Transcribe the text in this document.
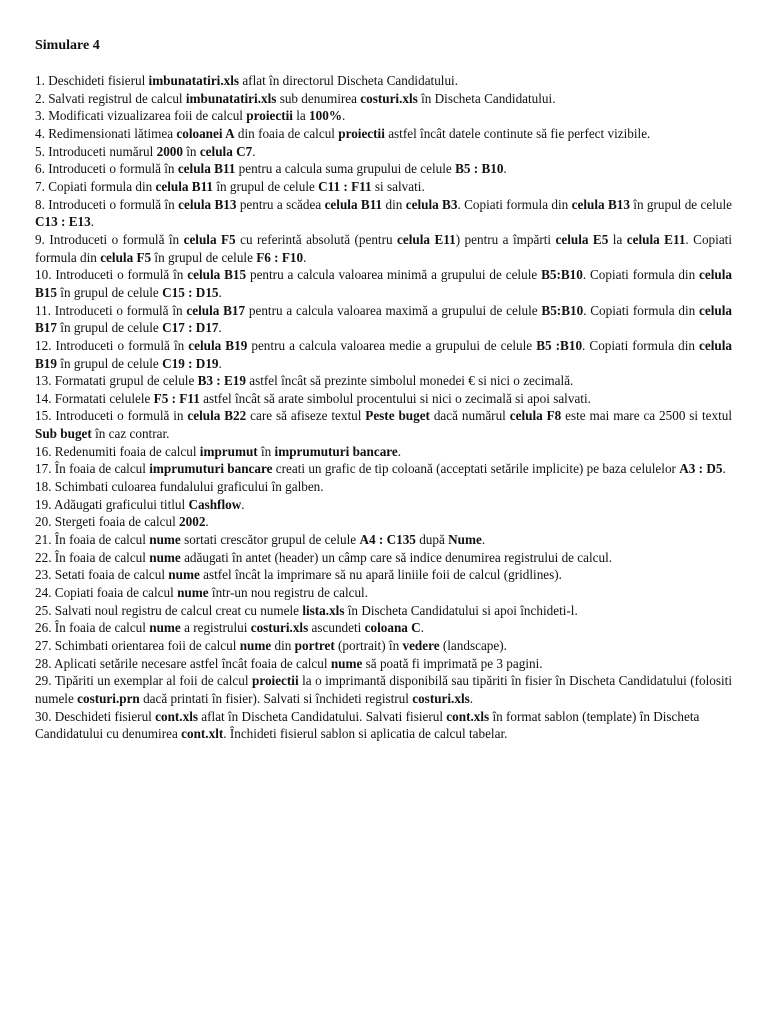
Simulare 4

1. Deschideti fisierul imbunatatiri.xls aflat în directorul Discheta Candidatului.

2. Salvati registrul de calcul imbunatatiri.xls sub denumirea costuri.xls în Discheta Candidatului.

3. Modificati vizualizarea foii de calcul proiectii la 100%.

4. Redimensionati lătimea coloanei A din foaia de calcul proiectii astfel încât datele continute să fie perfect vizibile.

5. Introduceti numărul 2000 în celula C7.

6. Introduceti o formulă în celula B11 pentru a calcula suma grupului de celule B5 : B10.

7. Copiati formula din celula B11 în grupul de celule C11 : F11 si salvati.

8. Introduceti o formulă în celula B13 pentru a scădea celula B11 din celula B3. Copiati formula din celula B13 în grupul de celule C13 : E13.

9. Introduceti o formulă în celula F5 cu referintă absolută (pentru celula E11) pentru a împărti celula E5 la celula E11. Copiati formula din celula F5 în grupul de celule F6 : F10.

10. Introduceti o formulă în celula B15 pentru a calcula valoarea minimă a grupului de celule B5:B10. Copiati formula din celula B15 în grupul de celule C15 : D15.

11. Introduceti o formulă în celula B17 pentru a calcula valoarea maximă a grupului de celule B5:B10. Copiati formula din celula B17 în grupul de celule C17 : D17.

12. Introduceti o formulă în celula B19 pentru a calcula valoarea medie a grupului de celule B5 :B10. Copiati formula din celula B19 în grupul de celule C19 : D19.

13. Formatati grupul de celule B3 : E19 astfel încât să prezinte simbolul monedei € si nici o zecimală.

14. Formatati celulele F5 : F11 astfel încât să arate simbolul procentului si nici o zecimală si apoi salvati.

15. Introduceti o formulă in celula B22 care să afiseze textul Peste buget dacă numărul celula F8 este mai mare ca 2500 si textul Sub buget în caz contrar.

16. Redenumiti foaia de calcul imprumut în imprumuturi bancare.

17. În foaia de calcul imprumuturi bancare creati un grafic de tip coloană (acceptati setările implicite) pe baza celulelor A3 : D5.

18. Schimbati culoarea fundalului graficului în galben.

19. Adăugati graficului titlul Cashflow.

20. Stergeti foaia de calcul 2002.

21. În foaia de calcul nume sortati crescător grupul de celule A4 : C135 după Nume.

22. În foaia de calcul nume adăugati în antet (header) un câmp care să indice denumirea registrului de calcul.

23. Setati foaia de calcul nume astfel încât la imprimare să nu apară liniile foii de calcul (gridlines).

24. Copiati foaia de calcul nume într-un nou registru de calcul.

25. Salvati noul registru de calcul creat cu numele lista.xls în Discheta Candidatului si apoi închideti-l.

26. În foaia de calcul nume a registrului costuri.xls ascundeti coloana C.

27. Schimbati orientarea foii de calcul nume din portret (portrait) în vedere (landscape).

28. Aplicati setările necesare astfel încât foaia de calcul nume să poată fi imprimată pe 3 pagini.

29. Tipăriti un exemplar al foii de calcul proiectii la o imprimantă disponibilă sau tipăriti în fisier în Discheta Candidatului (folositi numele costuri.prn dacă printati în fisier). Salvati si închideti registrul costuri.xls.

30. Deschideti fisierul cont.xls aflat în Discheta Candidatului. Salvati fisierul cont.xls în format sablon (template) în Discheta Candidatului cu denumirea cont.xlt. Închideti fisierul sablon si aplicatia de calcul tabelar.
